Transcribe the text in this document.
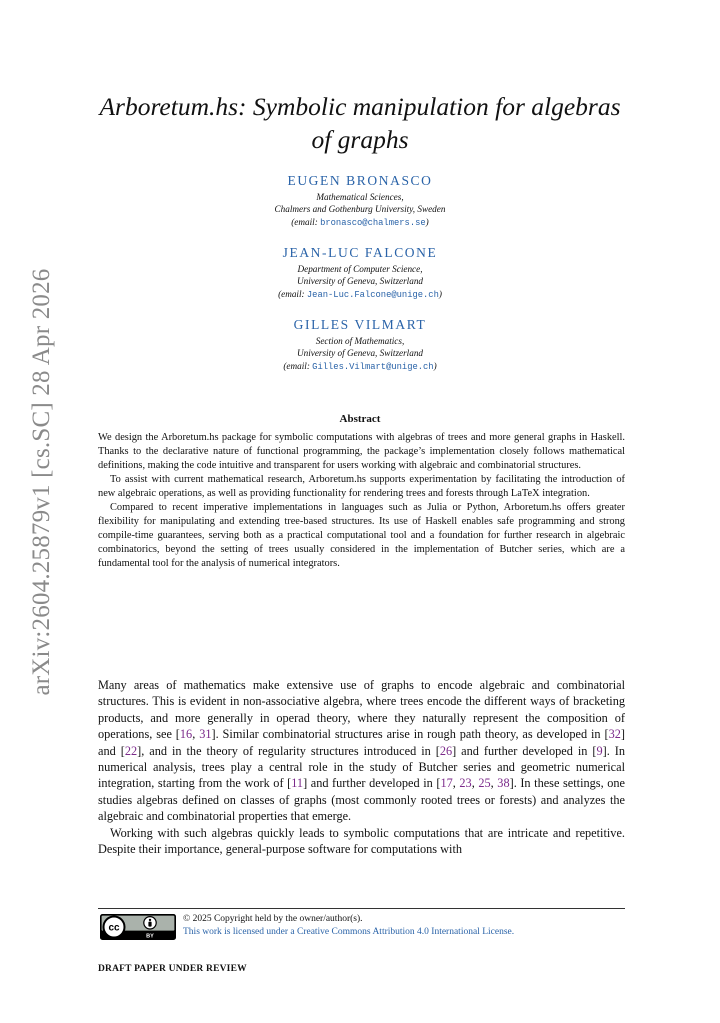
arXiv:2604.25879v1 [cs.SC] 28 Apr 2026
Arboretum.hs: Symbolic manipulation for algebras of graphs
EUGEN BRONASCO
Mathematical Sciences,
Chalmers and Gothenburg University, Sweden
(email: bronasco@chalmers.se)
JEAN-LUC FALCONE
Department of Computer Science,
University of Geneva, Switzerland
(email: Jean-Luc.Falcone@unige.ch)
GILLES VILMART
Section of Mathematics,
University of Geneva, Switzerland
(email: Gilles.Vilmart@unige.ch)
Abstract

We design the Arboretum.hs package for symbolic computations with algebras of trees and more general graphs in Haskell. Thanks to the declarative nature of functional programming, the package’s implementation closely follows mathematical definitions, making the code intuitive and transparent for users working with algebraic and combinatorial structures.

To assist with current mathematical research, Arboretum.hs supports experimentation by facilitating the introduction of new algebraic operations, as well as providing functionality for rendering trees and forests through LaTeX integration.

Compared to recent imperative implementations in languages such as Julia or Python, Arboretum.hs offers greater flexibility for manipulating and extending tree-based structures. Its use of Haskell enables safe programming and strong compile-time guarantees, serving both as a practical computational tool and a foundation for further research in algebraic combinatorics, beyond the setting of trees usually considered in the implementation of Butcher series, which are a fundamental tool for the analysis of numerical integrators.

Many areas of mathematics make extensive use of graphs to encode algebraic and combinatorial structures. This is evident in non-associative algebra, where trees encode the different ways of bracketing products, and more generally in operad theory, where they naturally represent the composition of operations, see [16, 31]. Similar combinatorial structures arise in rough path theory, as developed in [32] and [22], and in the theory of regularity structures introduced in [26] and further developed in [9]. In numerical analysis, trees play a central role in the study of Butcher series and geometric numerical integration, starting from the work of [11] and further developed in [17, 23, 25, 38]. In these settings, one studies algebras defined on classes of graphs (most commonly rooted trees or forests) and analyzes the algebraic and combinatorial properties that emerge.

Working with such algebras quickly leads to symbolic computations that are intricate and repetitive. Despite their importance, general-purpose software for computations with

cc
BY
© 2025 Copyright held by the owner/author(s).
This work is licensed under a Creative Commons Attribution 4.0 International License.
DRAFT PAPER UNDER REVIEW
